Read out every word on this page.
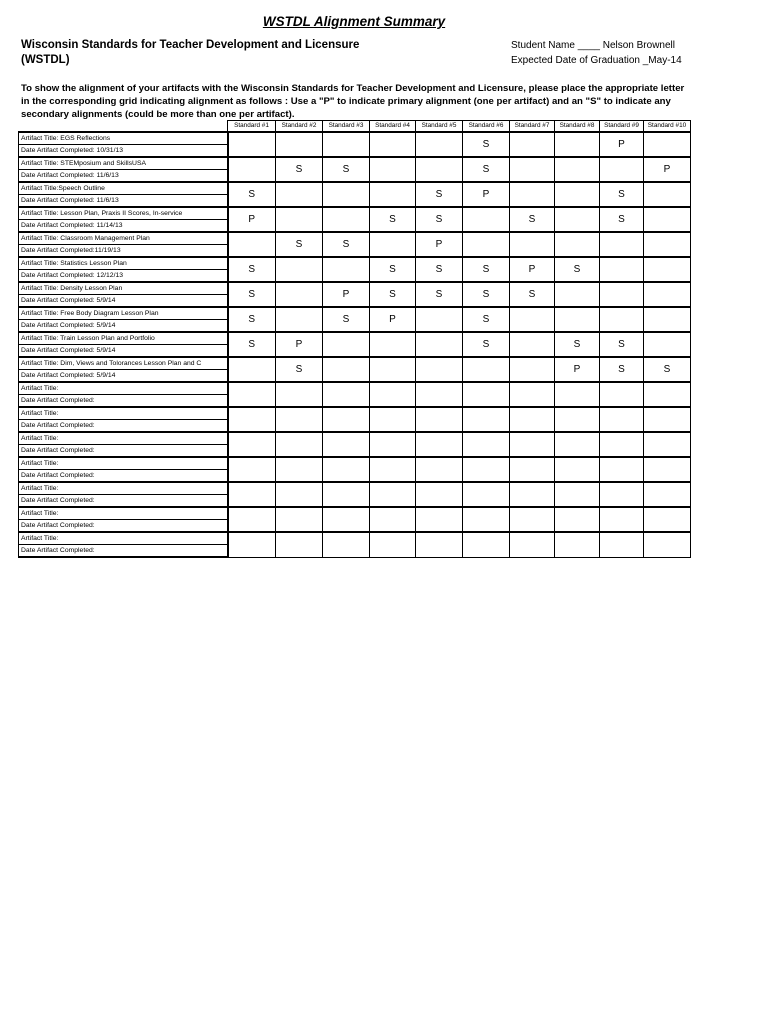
WSTDL Alignment Summary
Wisconsin Standards for Teacher Development and Licensure
(WSTDL)
Student Name ____ Nelson Brownell
Expected Date of Graduation _May-14
To show the alignment of your artifacts with the Wisconsin Standards for Teacher Development and Licensure, please place the appropriate letter in the corresponding grid indicating alignment as follows : Use a "P" to indicate primary alignment (one per artifact) and an "S" to indicate any secondary alignments (could be more than one per artifact).
	Standard #1	Standard #2	Standard #3	Standard #4	Standard #5	Standard #6	Standard #7	Standard #8	Standard #9	Standard #10
Artifact Title: EGS Reflections						S			P	
Date Artifact Completed: 10/31/13										
Artifact Title: STEMposium and SkillsUSA		S	S			S				P
Date Artifact Completed: 11/6/13										
Artifact Title:Speech Outline	S				S	P			S	
Date Artifact Completed: 11/6/13										
Artifact Title: Lesson Plan, Praxis II Scores, In-service	P			S	S		S		S	
Date Artifact Completed: 11/14/13										
Artifact Title: Classroom Management Plan		S	S		P					
Date Artifact Completed:11/19/13										
Artifact Title: Statistics Lesson Plan	S			S	S	S	P	S		
Date Artifact Completed: 12/12/13										
Artifact Title: Density Lesson Plan	S		P	S	S	S	S			
Date Artifact Completed: 5/9/14										
Artifact Title: Free Body Diagram Lesson Plan	S		S	P		S				
Date Artifact Completed: 5/9/14										
Artifact Title: Train Lesson Plan and Portfolio	S	P				S		S	S	
Date Artifact Completed: 5/9/14										
Artifact Title: Dim, Views and Tolorances Lesson Plan and C		S						P	S	S
Date Artifact Completed: 5/9/14										
Artifact Title:										
Date Artifact Completed:										
Artifact Title:										
Date Artifact Completed:										
Artifact Title:										
Date Artifact Completed:										
Artifact Title:										
Date Artifact Completed:										
Artifact Title:										
Date Artifact Completed:										
Artifact Title:										
Date Artifact Completed:										
Artifact Title:										
Date Artifact Completed:										
